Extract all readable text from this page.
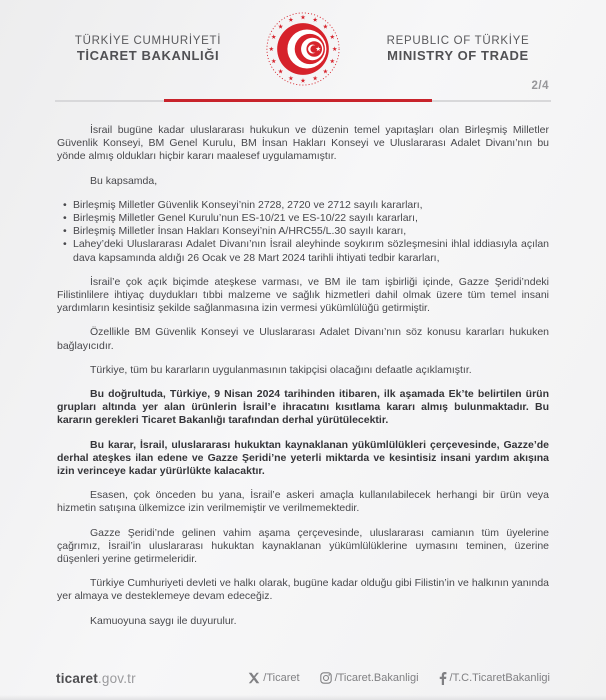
TÜRKİYE CUMHURİYETİ
TİCARET BAKANLIĞI
REPUBLIC OF TÜRKİYE
MINISTRY OF TRADE
2/4

İsrail bugüne kadar uluslararası hukukun ve düzenin temel yapıtaşları olan Birleşmiş Milletler Güvenlik Konseyi, BM Genel Kurulu, BM İnsan Hakları Konseyi ve Uluslararası Adalet Divanı’nın bu yönde almış oldukları hiçbir kararı maalesef uygulamamıştır.

Bu kapsamda,

• Birleşmiş Milletler Güvenlik Konseyi’nin 2728, 2720 ve 2712 sayılı kararları,
• Birleşmiş Milletler Genel Kurulu’nun ES-10/21 ve ES-10/22 sayılı kararları,
• Birleşmiş Milletler İnsan Hakları Konseyi’nin A/HRC55/L.30 sayılı kararı,
• Lahey’deki Uluslararası Adalet Divanı’nın İsrail aleyhinde soykırım sözleşmesini ihlal iddiasıyla açılan dava kapsamında aldığı 26 Ocak ve 28 Mart 2024 tarihli ihtiyati tedbir kararları,

İsrail’e çok açık biçimde ateşkese varması, ve BM ile tam işbirliği içinde, Gazze Şeridi’ndeki Filistinlilere ihtiyaç duydukları tıbbi malzeme ve sağlık hizmetleri dahil olmak üzere tüm temel insani yardımların kesintisiz şekilde sağlanmasına izin vermesi yükümlülüğü getirmiştir.

Özellikle BM Güvenlik Konseyi ve Uluslararası Adalet Divanı’nın söz konusu kararları hukuken bağlayıcıdır.

Türkiye, tüm bu kararların uygulanmasının takipçisi olacağını defaatle açıklamıştır.

Bu doğrultuda, Türkiye, 9 Nisan 2024 tarihinden itibaren, ilk aşamada Ek’te belirtilen ürün grupları altında yer alan ürünlerin İsrail’e ihracatını kısıtlama kararı almış bulunmaktadır. Bu kararın gerekleri Ticaret Bakanlığı tarafından derhal yürütülecektir.

Bu karar, İsrail, uluslararası hukuktan kaynaklanan yükümlülükleri çerçevesinde, Gazze’de derhal ateşkes ilan edene ve Gazze Şeridi’ne yeterli miktarda ve kesintisiz insani yardım akışına izin verinceye kadar yürürlükte kalacaktır.

Esasen, çok önceden bu yana, İsrail’e askeri amaçla kullanılabilecek herhangi bir ürün veya hizmetin satışına ülkemizce izin verilmemiştir ve verilmemektedir.

Gazze Şeridi’nde gelinen vahim aşama çerçevesinde, uluslararası camianın tüm üyelerine çağrımız, İsrail’in uluslararası hukuktan kaynaklanan yükümlülüklerine uymasını teminen, üzerine düşenleri yerine getirmeleridir.

Türkiye Cumhuriyeti devleti ve halkı olarak, bugüne kadar olduğu gibi Filistin’in ve halkının yanında yer almaya ve desteklemeye devam edeceğiz.

Kamuoyuna saygı ile duyurulur.

ticaret.gov.tr	/Ticaret	/Ticaret.Bakanligi	/T.C.TicaretBakanligi
